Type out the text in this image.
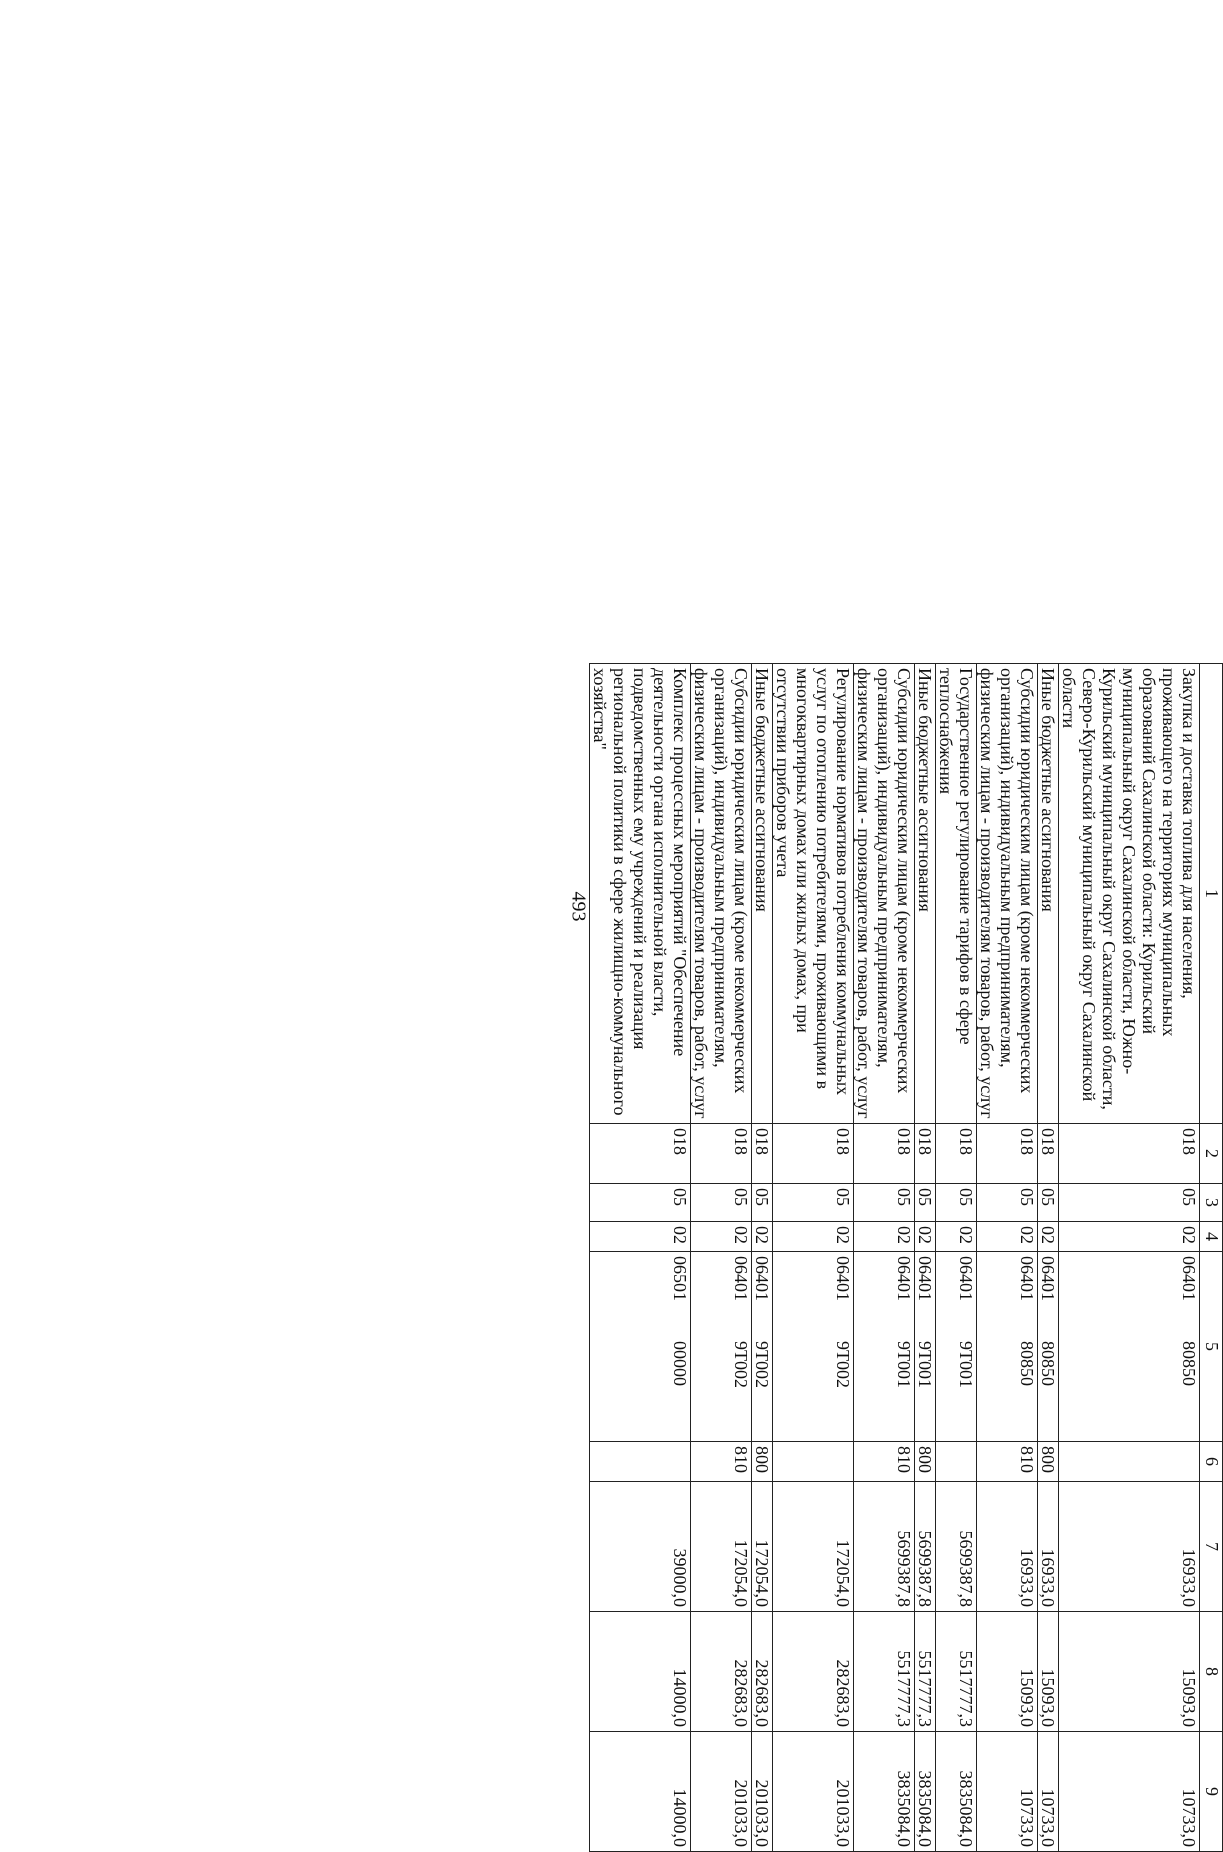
493	1	2	3	4	5	6	7	8	9
Закупка и доставка топлива для населения, проживающего на территориях муниципальных образований Сахалинской области: Курильский муниципальный округ Сахалинской области, Южно-Курильский муниципальный округ Сахалинской области, Северо-Курильский муниципальный округ Сахалинской области	018	05	02	0640180850		16933,0	15093,0	10733,0
Иные бюджетные ассигнования	018	05	02	0640180850	800	16933,0	15093,0	10733,0
Субсидии юридическим лицам (кроме некоммерческих организаций), индивидуальным предпринимателям, физическим лицам - производителям товаров, работ, услуг	018	05	02	0640180850	810	16933,0	15093,0	10733,0
Государственное регулирование тарифов в сфере теплоснабжения	018	05	02	064019Т001		5699387,8	5517777,3	3835084,0
Иные бюджетные ассигнования	018	05	02	064019Т001	800	5699387,8	5517777,3	3835084,0
Субсидии юридическим лицам (кроме некоммерческих организаций), индивидуальным предпринимателям, физическим лицам - производителям товаров, работ, услуг	018	05	02	064019Т001	810	5699387,8	5517777,3	3835084,0
Регулирование нормативов потребления коммунальных услуг по отоплению потребителями, проживающими в многоквартирных домах или жилых домах, при отсутствии приборов учета	018	05	02	064019Т002		172054,0	282683,0	201033,0
Иные бюджетные ассигнования	018	05	02	064019Т002	800	172054,0	282683,0	201033,0
Субсидии юридическим лицам (кроме некоммерческих организаций), индивидуальным предпринимателям, физическим лицам - производителям товаров, работ, услуг	018	05	02	064019Т002	810	172054,0	282683,0	201033,0
Комплекс процессных мероприятий "Обеспечение деятельности органа исполнительной власти, подведомственных ему учреждений и реализация региональной политики в сфере жилищно-коммунального хозяйства"	018	05	02	0650100000		39000,0	14000,0	14000,0
